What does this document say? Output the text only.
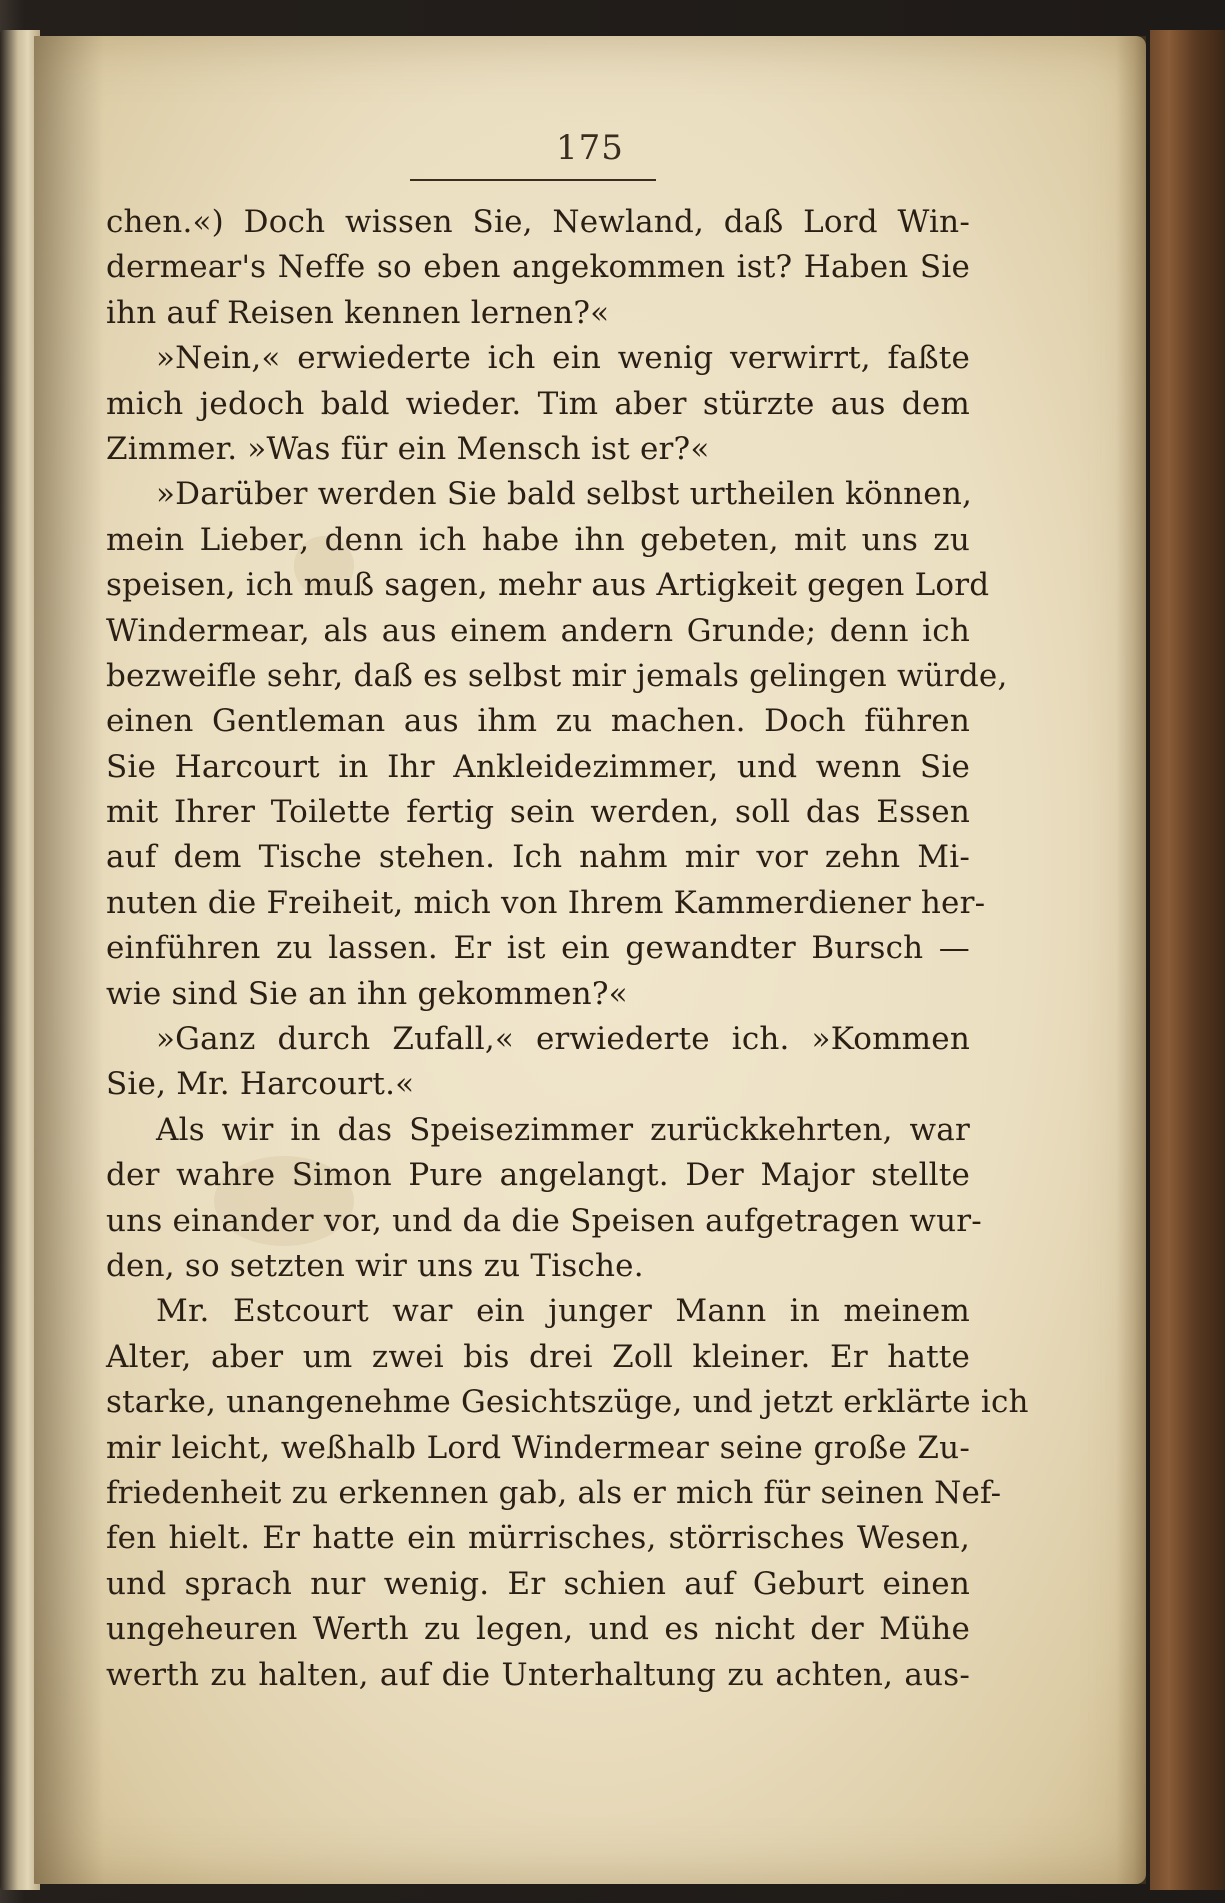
175
chen.«) Doch wissen Sie, Newland, daß Lord Win-
dermear's Neffe so eben angekommen ist? Haben Sie
ihn auf Reisen kennen lernen?«
»Nein,« erwiederte ich ein wenig verwirrt, faßte
mich jedoch bald wieder. Tim aber stürzte aus dem
Zimmer. »Was für ein Mensch ist er?«
»Darüber werden Sie bald selbst urtheilen können,
mein Lieber, denn ich habe ihn gebeten, mit uns zu
speisen, ich muß sagen, mehr aus Artigkeit gegen Lord
Windermear, als aus einem andern Grunde; denn ich
bezweifle sehr, daß es selbst mir jemals gelingen würde,
einen Gentleman aus ihm zu machen. Doch führen
Sie Harcourt in Ihr Ankleidezimmer, und wenn Sie
mit Ihrer Toilette fertig sein werden, soll das Essen
auf dem Tische stehen. Ich nahm mir vor zehn Mi-
nuten die Freiheit, mich von Ihrem Kammerdiener her-
einführen zu lassen. Er ist ein gewandter Bursch —
wie sind Sie an ihn gekommen?«
»Ganz durch Zufall,« erwiederte ich. »Kommen
Sie, Mr. Harcourt.«
Als wir in das Speisezimmer zurückkehrten, war
der wahre Simon Pure angelangt. Der Major stellte
uns einander vor, und da die Speisen aufgetragen wur-
den, so setzten wir uns zu Tische.
Mr. Estcourt war ein junger Mann in meinem
Alter, aber um zwei bis drei Zoll kleiner. Er hatte
starke, unangenehme Gesichtszüge, und jetzt erklärte ich
mir leicht, weßhalb Lord Windermear seine große Zu-
friedenheit zu erkennen gab, als er mich für seinen Nef-
fen hielt. Er hatte ein mürrisches, störrisches Wesen,
und sprach nur wenig. Er schien auf Geburt einen
ungeheuren Werth zu legen, und es nicht der Mühe
werth zu halten, auf die Unterhaltung zu achten, aus-
